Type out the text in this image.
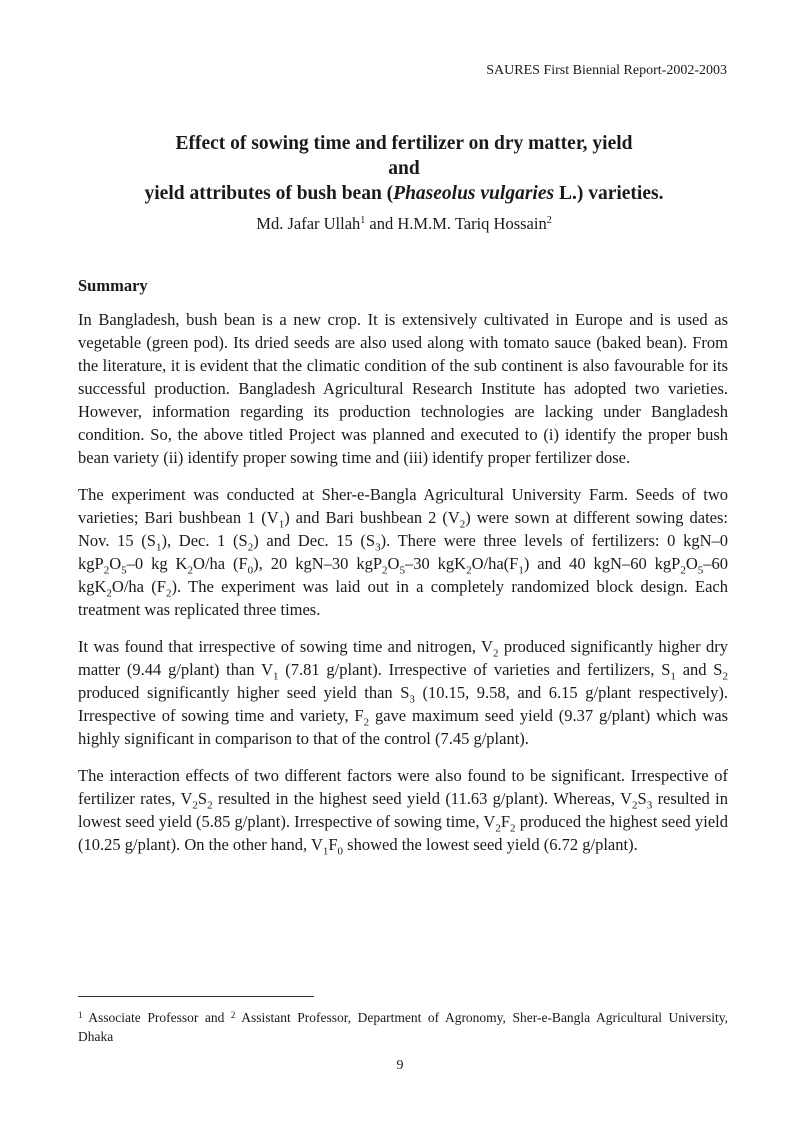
SAURES First Biennial Report-2002-2003
Effect of sowing time and fertilizer on dry matter, yield
and
yield attributes of bush bean (Phaseolus vulgaries L.) varieties.
Md. Jafar Ullah$^1$ and H.M.M. Tariq Hossain$^2$
Summary

In Bangladesh, bush bean is a new crop. It is extensively cultivated in Europe and is used as vegetable (green pod). Its dried seeds are also used along with tomato sauce (baked bean). From the literature, it is evident that the climatic condition of the sub continent is also favourable for its successful production. Bangladesh Agricultural Research Institute has adopted two varieties. However, information regarding its production technologies are lacking under Bangladesh condition. So, the above titled Project was planned and executed to (i) identify the proper bush bean variety (ii) identify proper sowing time and (iii) identify proper fertilizer dose.

The experiment was conducted at Sher-e-Bangla Agricultural University Farm. Seeds of two varieties; Bari bushbean 1 $(V_1)$ and Bari bushbean 2 $(V_2)$ were sown at different sowing dates: Nov. 15 $(S_1)$, Dec. 1 $(S_2)$ and Dec. 15 $(S_3)$. There were three levels of fertilizers: 0 kgN–0 $kgP_2O_5-0$ kg $K_2O/ha$ $(F_0)$, 20 kgN–30 $kgP_2O_5-30$ $kgK_2O/ha(F_1)$ and 40 kgN–60 $kgP_2O_5-60$ kgK$_2$O/ha $(F_2)$. The experiment was laid out in a completely randomized block design. Each treatment was replicated three times.

It was found that irrespective of sowing time and nitrogen, $V_2$ produced significantly higher dry matter (9.44 g/plant) than $V_1$ (7.81 g/plant). Irrespective of varieties and fertilizers, $S_1$ and $S_2$ produced significantly higher seed yield than $S_3$ (10.15, 9.58, and 6.15 g/plant respectively). Irrespective of sowing time and variety, $F_2$ gave maximum seed yield (9.37 g/plant) which was highly significant in comparison to that of the control (7.45 g/plant).

The interaction effects of two different factors were also found to be significant. Irrespective of fertilizer rates, $V_2S_2$ resulted in the highest seed yield (11.63 g/plant). Whereas, $V_2S_3$ resulted in lowest seed yield (5.85 g/plant). Irrespective of sowing time, $V_2F_2$ produced the highest seed yield (10.25 g/plant). On the other hand, $V_1F_0$ showed the lowest seed yield (6.72 g/plant).

$^1$ Associate Professor and $^2$ Assistant Professor, Department of Agronomy, Sher-e-Bangla Agricultural University, Dhaka
9
